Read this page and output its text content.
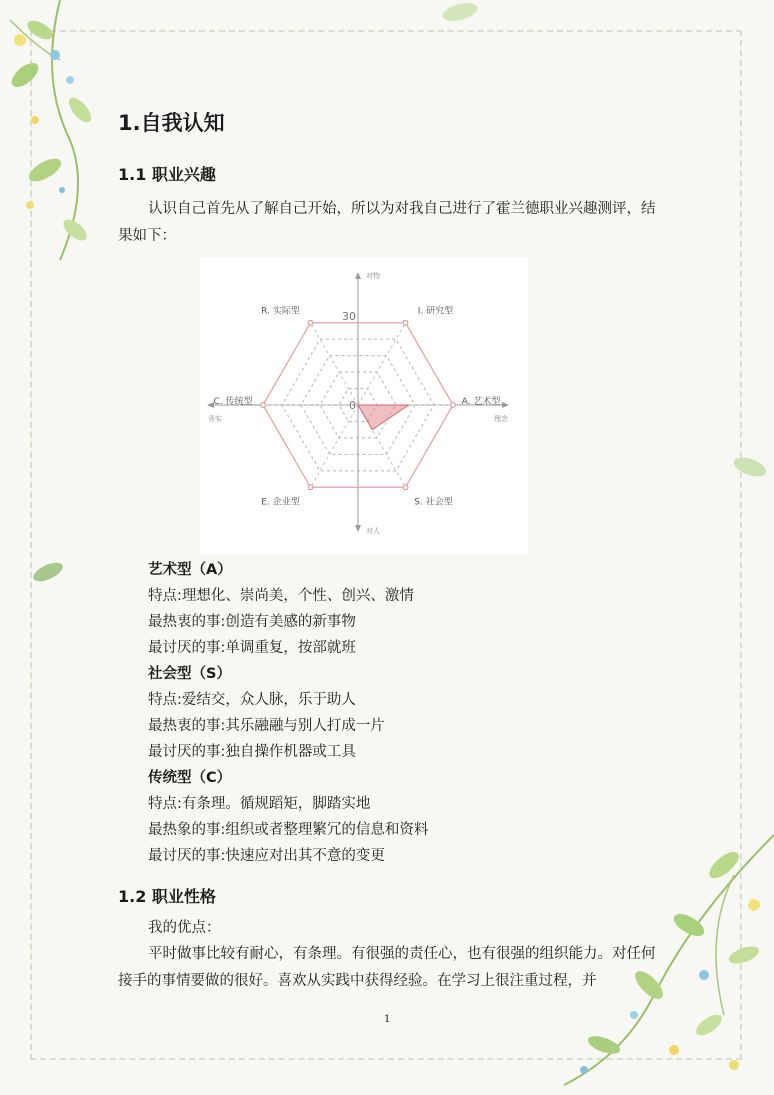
1.自我认知
1.1 职业兴趣

认识自己首先从了解自己开始，所以为对我自己进行了霍兰德职业兴趣测评，结果如下：

R. 实际型	I. 研究型
A. 艺术型
S. 社会型
E. 企业型
C. 传统型
对物
对人
务实	理念
0
30
艺术型（A）
特点:理想化、崇尚美，个性、创兴、激情
最热衷的事:创造有美感的新事物
最讨厌的事:单调重复，按部就班
社会型（S）
特点:爱结交，众人脉，乐于助人
最热衷的事:其乐融融与别人打成一片
最讨厌的事:独自操作机器或工具
传统型（C）
特点:有条理。循规蹈矩，脚踏实地
最热象的事:组织或者整理繁冗的信息和资料
最讨厌的事:快速应对出其不意的变更
1.2 职业性格

我的优点：

平时做事比较有耐心，有条理。有很强的责任心，也有很强的组织能力。对任何接手的事情要做的很好。喜欢从实践中获得经验。在学习上很注重过程，并

1
